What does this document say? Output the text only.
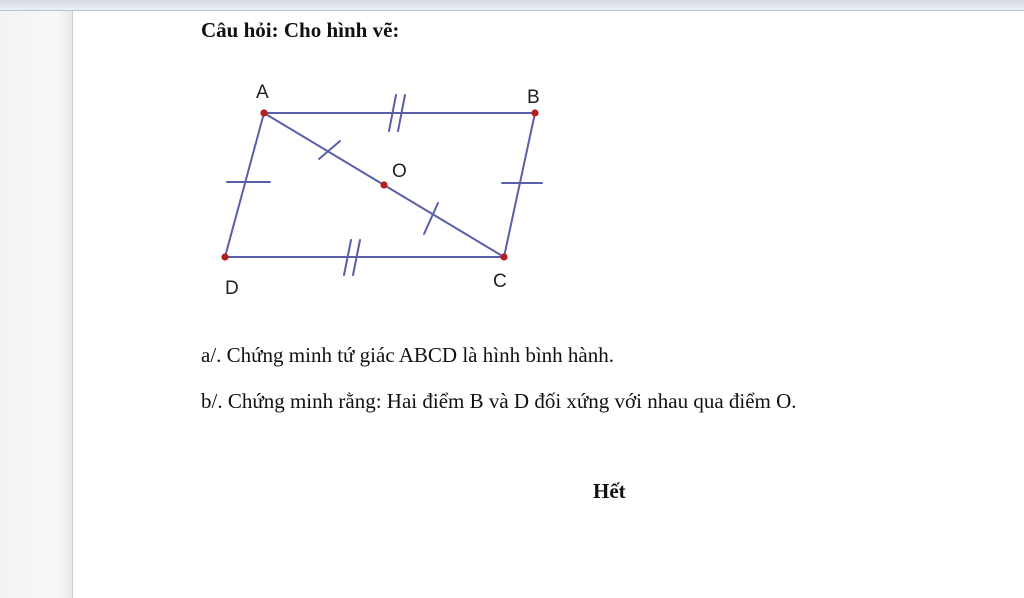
Câu hỏi: Cho hình vẽ:
a/. Chứng minh tứ giác ABCD là hình bình hành.
b/. Chứng minh rằng: Hai điểm B và D đối xứng với nhau qua điểm O.
Hết
A	B
C
D
O
